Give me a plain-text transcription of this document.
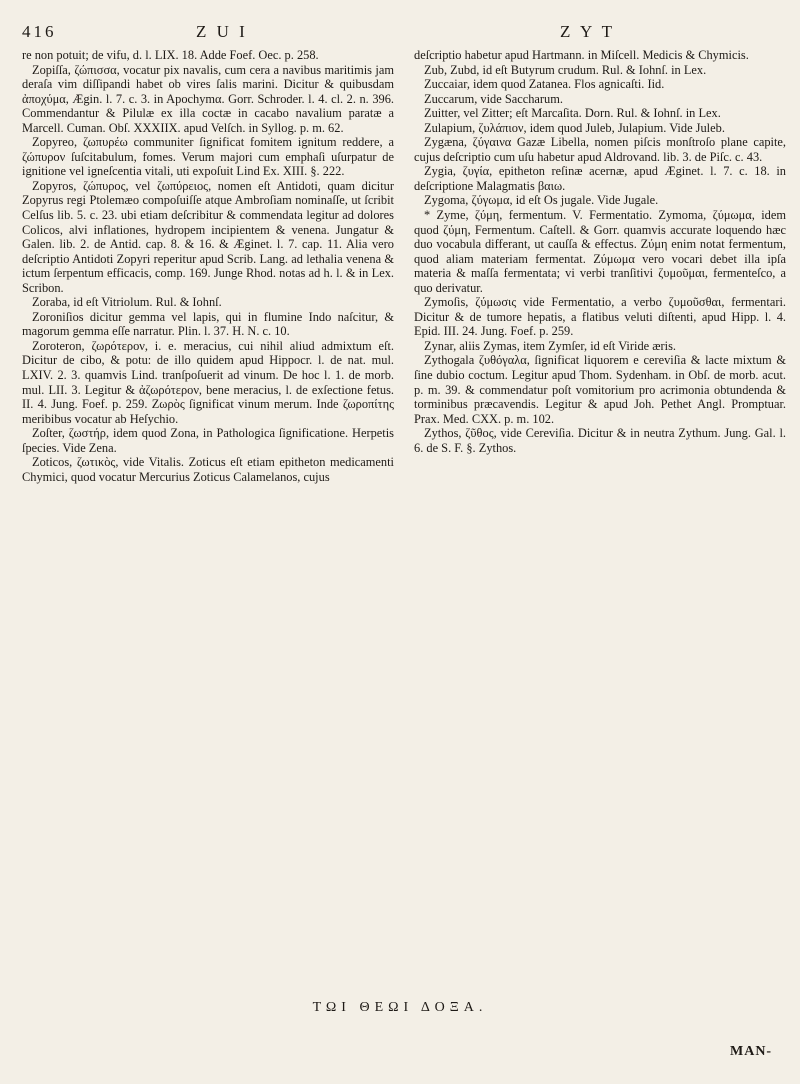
416	Z U I	Z Y T

re non potuit; de vifu, d. l. LIX. 18. Adde Foef. Oec. p. 258.

Zopiſſa, ζώπισσα, vocatur pix navalis, cum cera a navibus maritimis jam deraſa vim diſſipandi habet ob vires ſalis marini. Dicitur & quibusdam ἀποχύμα, Ægin. l. 7. c. 3. in Apochymα. Gorr. Schroder. l. 4. cl. 2. n. 396. Commendantur & Pilulæ ex illa coctæ in cacabo navalium paratæ a Marcell. Cuman. Obſ. XXXIIX. apud Velſch. in Syllog. p. m. 62.

Zopyreo, ζωπυρέω communiter ſignificat fomitem ignitum reddere, a ζώπυρον ſuſcitabulum, fomes. Verum majori cum emphaſi uſurpatur de ignitione vel igneſcentia vitali, uti expoſuit Lind Ex. XIII. §. 222.

Zopyros, ζώπυρος, vel ζωπύρειος, nomen eſt Antidoti, quam dicitur Zopyrus regi Ptolemæo compoſuiſſe atque Ambroſiam nominaſſe, ut ſcribit Celſus lib. 5. c. 23. ubi etiam deſcribitur & commendata legitur ad dolores Colicos, alvi inflationes, hydropem incipientem & venena. Jungatur & Galen. lib. 2. de Antid. cap. 8. & 16. & Æginet. l. 7. cap. 11. Alia vero deſcriptio Antidoti Zopyri reperitur apud Scrib. Lang. ad lethalia venena & ictum ſerpentum efficacis, comp. 169. Junge Rhod. notas ad h. l. & in Lex. Scribon.

Zoraba, id eſt Vitriolum. Rul. & Iohnſ.

Zoroniſios dicitur gemma vel lapis, qui in flumine Indo naſcitur, & magorum gemma eſſe narratur. Plin. l. 37. H. N. c. 10.

Zoroteron, ζωρότερον, i. e. meracius, cui nihil aliud admixtum eſt. Dicitur de cibo, & potu: de illo quidem apud Hippocr. l. de nat. mul. LXIV. 2. 3. quamvis Lind. tranſpoſuerit ad vinum. De hoc l. 1. de morb. mul. LII. 3. Legitur & ἀζωρότερον, bene meracius, l. de exſectione fetus. II. 4. Jung. Foef. p. 259. Ζωρὸς ſignificat vinum merum. Inde ζωροπίτης meribibus vocatur ab Heſychio.

Zoſter, ζωστήρ, idem quod Zona, in Pathologica ſignificatione. Herpetis ſpecies. Vide Zena.

Zoticos, ζωτικὸς, vide Vitalis. Zoticus eſt etiam epitheton medicamenti Chymici, quod vocatur Mercurius Zoticus Calamelanos, cujus

deſcriptio habetur apud Hartmann. in Miſcell. Medicis & Chymicis.

Zub, Zubd, id eſt Butyrum crudum. Rul. & Iohnſ. in Lex.

Zuccaiar, idem quod Zatanea. Flos agnicaſti. Iid.

Zuccarum, vide Saccharum.

Zuitter, vel Zitter; eſt Marcaſita. Dorn. Rul. & Iohnſ. in Lex.

Zulapium, ζυλάπιον, idem quod Juleb, Julapium. Vide Juleb.

Zygæna, ζύγαινα Gazæ Libella, nomen piſcis monſtroſo plane capite, cujus deſcriptio cum uſu habetur apud Aldrovand. lib. 3. de Piſc. c. 43.

Zygia, ζυγία, epitheton reſinæ acernæ, apud Æginet. l. 7. c. 18. in deſcriptione Malagmatis βαιω.

Zygoma, ζύγωμα, id eſt Os jugale. Vide Jugale.

* Zyme, ζύμη, fermentum. V. Fermentatio. Zymoma, ζύμωμα, idem quod ζύμη, Fermentum. Caſtell. & Gorr. quamvis accurate loquendo hæc duo vocabula differant, ut cauſſa & effectus. Ζύμη enim notat fermentum, quod aliam materiam fermentat. Ζύμωμα vero vocari debet illa ipſa materia & maſſa fermentata; vi verbi tranſitivi ζυμοῦμαι, fermenteſco, a quo derivatur.

Zymoſis, ζύμωσις vide Fermentatio, a verbo ζυμοῦσθαι, fermentari. Dicitur & de tumore hepatis, a flatibus veluti diſtenti, apud Hipp. l. 4. Epid. III. 24. Jung. Foef. p. 259.

Zynar, aliis Zymas, item Zymſer, id eſt Viride æris.

Zythogala ζυθόγαλα, ſignificat liquorem e cereviſia & lacte mixtum & ſine dubio coctum. Legitur apud Thom. Sydenham. in Obſ. de morb. acut. p. m. 39. & commendatur poſt vomitorium pro acrimonia obtundenda & torminibus præcavendis. Legitur & apud Joh. Pethet Angl. Promptuar. Prax. Med. CXX. p. m. 102.

Zythos, ζῦθος, vide Cereviſia. Dicitur & in neutra Zythum. Jung. Gal. l. 6. de S. F. §. Zythos.

ΤΩΙ ΘΕΩΙ ΔΟΞΑ.
MAN-
